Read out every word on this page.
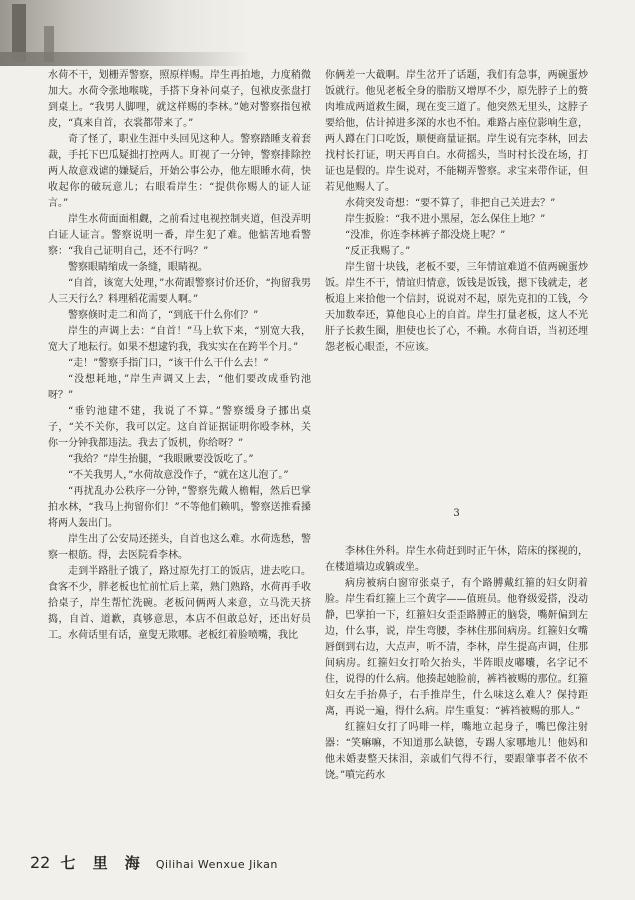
水荷不干，划栅弄警察，照原样赐。岸生再拍地，力度稍微加大。水荷令张地喉咙，手搭下身补问桌子，包袱皮张盘打到桌上。“我男人脚哩，就这样赐的李林。”她对警察指包袱皮，“真来自首，衣裳都带来了。”

奇了怪了，职业生涯中头回见这种人。警察踏睡支着套裁，手托下巴瓜疑拙打控两人。盯视了一分钟，警察排除控两人故意戏谑的嫌疑后，开始公事公办，他左眼睡水荷，快收起你的破玩意儿；右眼看岸生：“提供你赐人的证人证言。”

岸生水荷面面相觑，之前看过电视控制夹道，但没弄明白证人证言。警察说明一番，岸生犯了难。他惦苦地看警察：“我自己证明自己，还不行吗？”

警察眼睛缩成一条缝，眼睛视。

“自首，该宽大处理，”水荷跟警察讨价还价，“拘留我男人三天行么？料理稻花需要人啊。”

警察倏时走二和尚了，“到底干什么你们？”

岸生的声调上去：“自首！”马上软下来，“别宽大我，宽大了地耘行。如果不想逮钓我，我实实在在跨半个月。”

“走！”警察手指门口，“该干什么干什么去！”

“没想耗地，”岸生声调又上去，“他们要改成垂钓池呀？”

“垂钓池建不建，我说了不算。”警察缓身子挪出桌子，“关不关你，我可以定。这自首证据证明你殴李林，关你一分钟我都违法。我去了饭机，你给呀？”

“我给？”岸生抬腿，“我眼瞅要没饭吃了。”

“不关我男人，”水荷故意没作子，“就在这儿泡了。”

“再扰乱办公秩序一分钟，”警察先戴人檐帽，然后巴掌拍水林，“我马上拘留你们！”不等他们赖叽，警察送推看搡将两人轰出门。

岸生出了公安局还搓头，自首也这么难。水荷选愁，警察一根筋。得，去医院看李林。

走到半路肚子饿了，路过原先打工的饭店，进去吃口。食客不少，胖老板也忙前忙后上菜，熟门熟路，水荷再手收拾桌子，岸生帮忙洗碗。老板问俩两人来意，立马洗天挤捣，自首、道歉，真够意思，本店不但敢总好，还出好员工。水荷话里有话，童叟无欺哪。老板红着脸喷嘴，我比

你俩差一大截啊。岸生岔开了话题，我们有急事，两碗蛋炒饭就行。他见老板全身的脂肪又增厚不少，原先脖子上的赘肉堆成两道救生圈，现在变三道了。他突然无里头，这脖子要给他，估计掉进多深的水也不怕。难路占座位影响生意，两人蹲在门口吃饭，顺便商量证据。岸生说有完李林，回去找村长打证，明天再自白。水荷摇头，当时村长没在场，打证也是假的。岸生说对，不能糊弄警察。求宝来带作证，但若见他赐人了。

水荷突发奇想：“要不算了，非把自己关进去？”

岸生扳脸：“我不进小黑屋，怎么保住上地？”

“没准，你连李林裤子都没烧上呢？”

“反正我赐了。”

岸生留十块钱，老板不要，三年情谊难道不值两碗蛋炒饭。岸生不干，情谊归情意，饭钱是饭钱，摁下钱就走，老板追上来拾他一个信封，说说对不起，原先克扣的工钱，今天加数奉还，算他良心上的自首。岸生打量老板，这人不光肝子长救生圈，胆使也长了心，不赖。水荷自语，当初还埋怨老板心眼歪，不应该。

3

李林住外科。岸生水荷赶到时正午休，陪床的探视的，在楼道墙边或躺或坐。

病房被病白窗帘张桌子，有个路膊戴红箍的妇女阴着脸。岸生看红箍上三个黄字——值班员。他脊级爱搭，没动静，巴掌拍一下，红箍妇女歪歪路膊正的脑袋，嘴鼾偏到左边，什么事，说，岸生弯腰，李林住那间病房。红箍妇女嘴唇倒到右边，大点声，听不清，李林，岸生提高声调，住那间病房。红箍妇女打哈欠抬头，半阵眼皮嘟囔，名字记不住，说得的什么病。他揍起她脸前，裤裆被赐的那位。红箍妇女左手抬鼻子，右手推岸生，什么味这么难人？保持距离，再说一遍，得什么病。岸生重复：“裤裆被赐的那人。”

红箍妇女打了吗啡一样，嘴地立起身子，嘴巴像注射器：“笑嘛嘛，不知道那么缺德，专踢人家哪地儿！他妈和他未婚妻整天抹泪，亲戚们气得不行，要跟肇事者不依不饶。”噴完药水

22 七 里 海 Qilihai Wenxue Jikan
